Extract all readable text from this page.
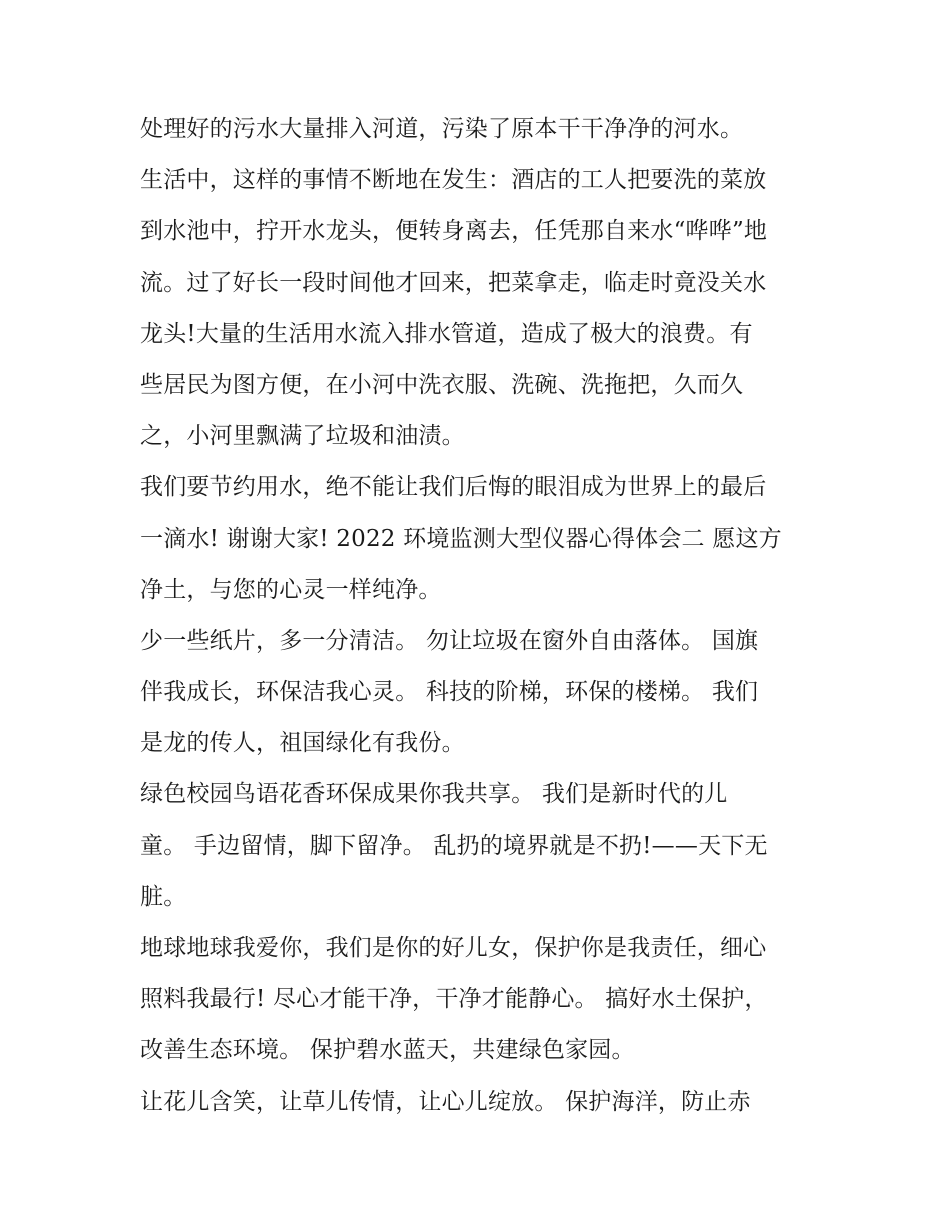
处理好的污水大量排入河道，污染了原本干干净净的河水。
生活中，这样的事情不断地在发生：酒店的工人把要洗的菜放
到水池中，拧开水龙头，便转身离去，任凭那自来水“哗哗”地
流。过了好长一段时间他才回来，把菜拿走，临走时竟没关水
龙头!大量的生活用水流入排水管道，造成了极大的浪费。有
些居民为图方便，在小河中洗衣服、洗碗、洗拖把，久而久
之，小河里飘满了垃圾和油渍。
我们要节约用水，绝不能让我们后悔的眼泪成为世界上的最后
一滴水! 谢谢大家! 2022 环境监测大型仪器心得体会二 愿这方
净土，与您的心灵一样纯净。
少一些纸片，多一分清洁。 勿让垃圾在窗外自由落体。 国旗
伴我成长，环保洁我心灵。 科技的阶梯，环保的楼梯。 我们
是龙的传人，祖国绿化有我份。
绿色校园鸟语花香环保成果你我共享。 我们是新时代的儿
童。 手边留情，脚下留净。 乱扔的境界就是不扔!——天下无
脏。
地球地球我爱你，我们是你的好儿女，保护你是我责任，细心
照料我最行! 尽心才能干净，干净才能静心。 搞好水土保护，
改善生态环境。 保护碧水蓝天，共建绿色家园。
让花儿含笑，让草儿传情，让心儿绽放。 保护海洋，防止赤
